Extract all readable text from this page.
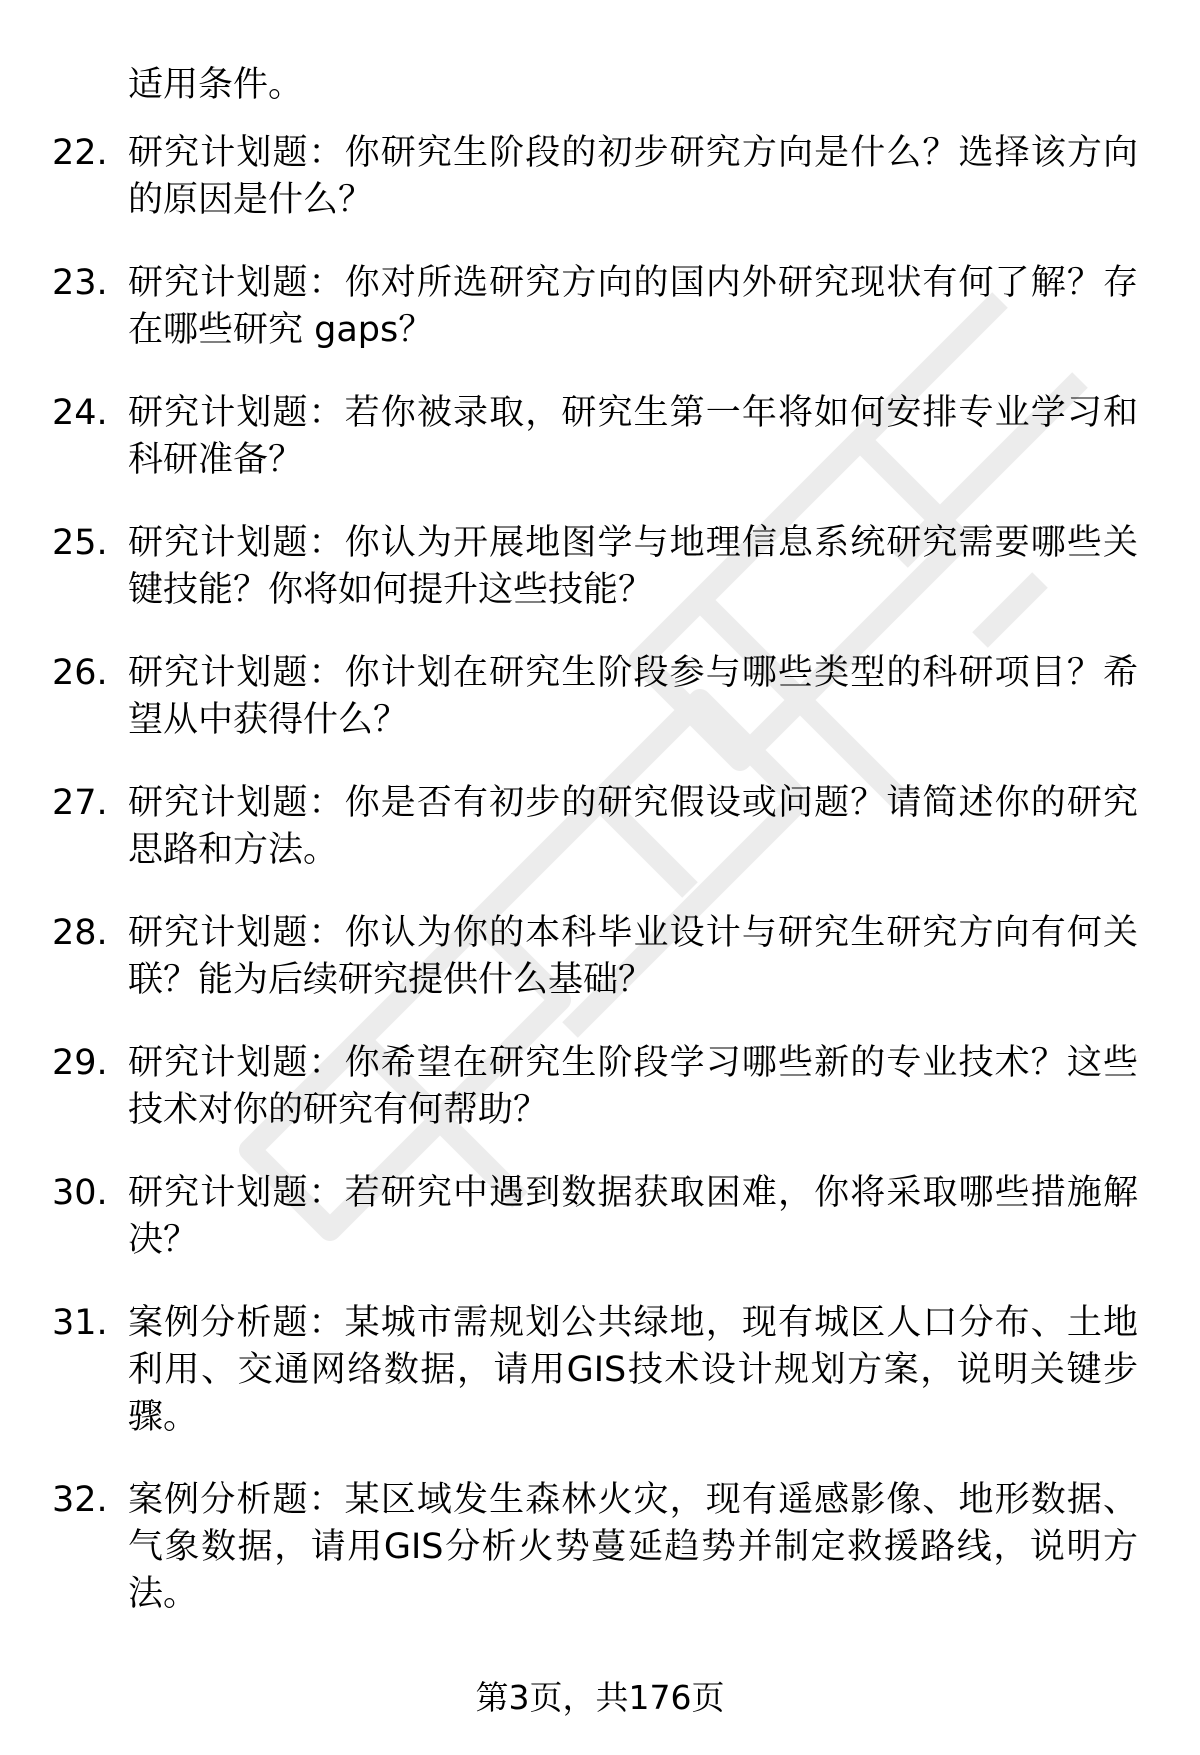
适用条件。

22. 研究计划题：你研究生阶段的初步研究方向是什么？选择该方向的原因是什么？
23. 研究计划题：你对所选研究方向的国内外研究现状有何了解？存在哪些研究 gaps？
24. 研究计划题：若你被录取，研究生第一年将如何安排专业学习和科研准备？
25. 研究计划题：你认为开展地图学与地理信息系统研究需要哪些关键技能？你将如何提升这些技能？
26. 研究计划题：你计划在研究生阶段参与哪些类型的科研项目？希望从中获得什么？
27. 研究计划题：你是否有初步的研究假设或问题？请简述你的研究思路和方法。
28. 研究计划题：你认为你的本科毕业设计与研究生研究方向有何关联？能为后续研究提供什么基础？
29. 研究计划题：你希望在研究生阶段学习哪些新的专业技术？这些技术对你的研究有何帮助？
30. 研究计划题：若研究中遇到数据获取困难，你将采取哪些措施解决？
31. 案例分析题：某城市需规划公共绿地，现有城区人口分布、土地利用、交通网络数据，请用GIS技术设计规划方案，说明关键步骤。
32. 案例分析题：某区域发生森林火灾，现有遥感影像、地形数据、气象数据，请用GIS分析火势蔓延趋势并制定救援路线，说明方法。
第3页，共176页
